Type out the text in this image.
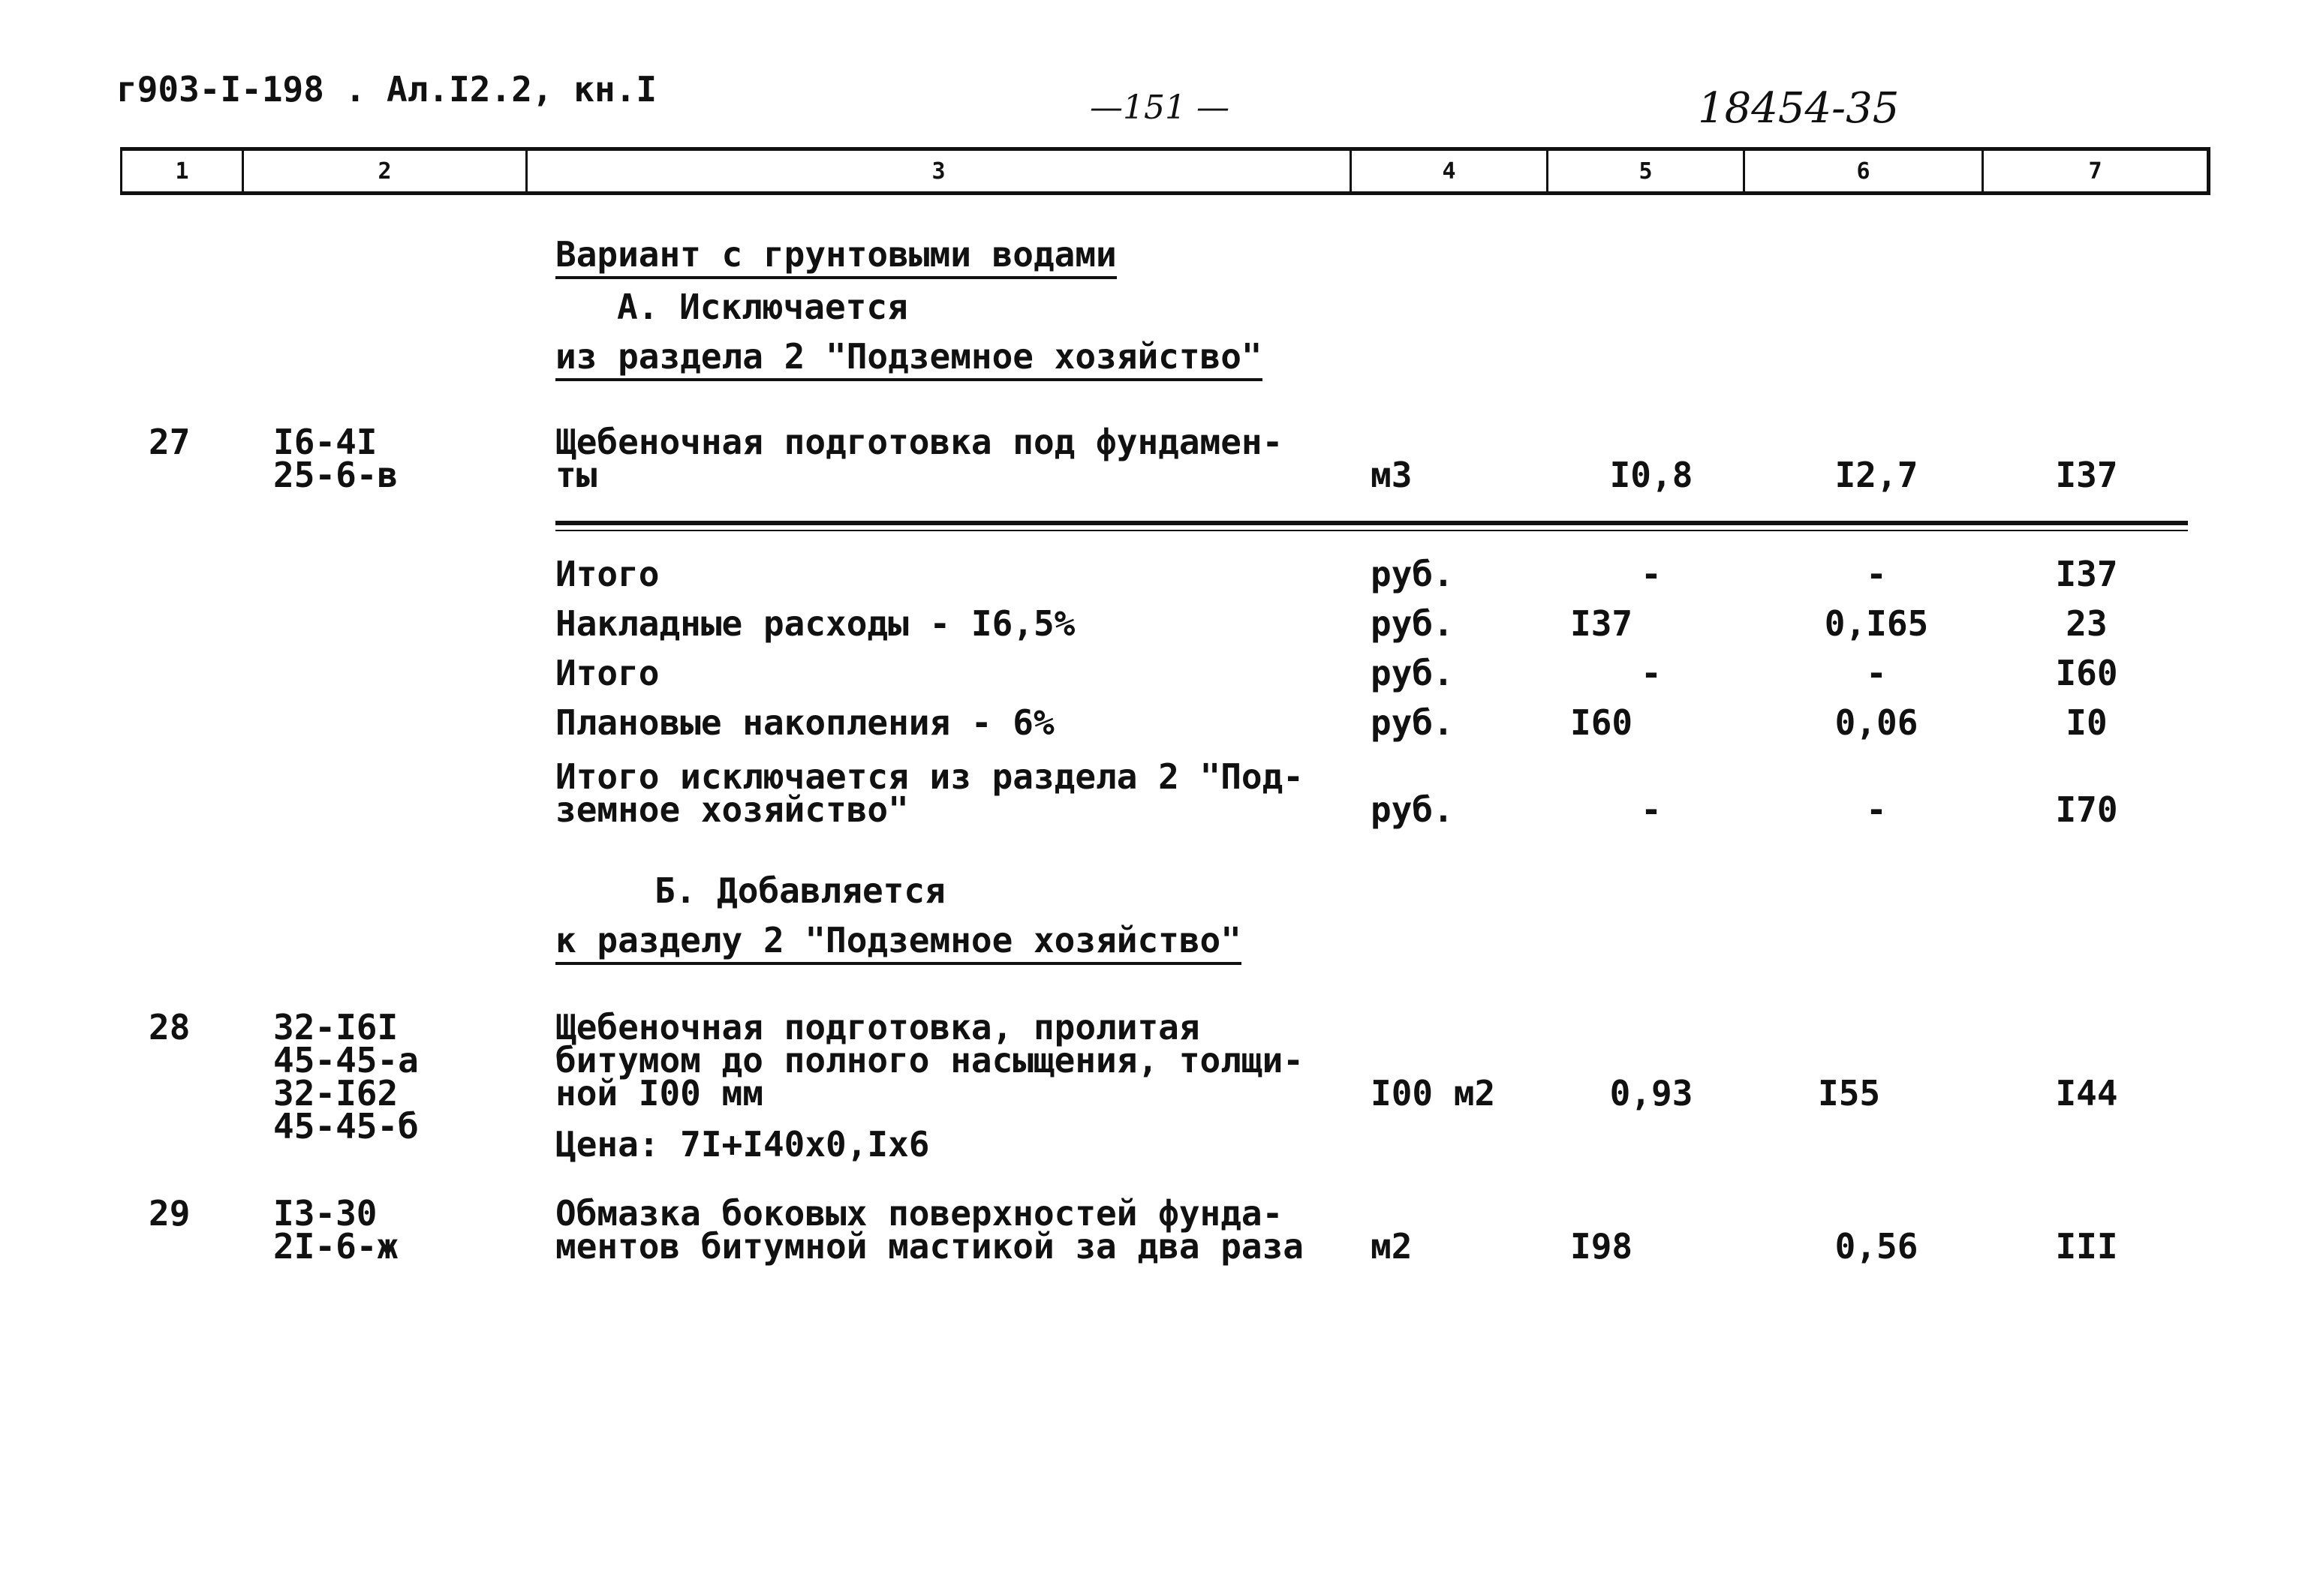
г903-I-198 . Ал.I2.2, кн.I	—151 —	18454-35
1	2	3	4	5	6	7
Вариант с грунтовыми водами
А. Исключается
из раздела 2 "Подземное хозяйство"
27 I6-4I
25-6-в
Щебеночная подготовка под фундамен-
ты	м3	I0,8	I2,7	I37
Итого	руб.	-	-	I37
Накладные расходы - I6,5%	руб.	I37	0,I65	23
Итого	руб.	-	-	I60
Плановые накопления - 6%	руб.	I60	0,06	I0
Итого исключается из раздела 2 "Под-
земное хозяйство"	руб.	-	-	I70
Б. Добавляется
к разделу 2 "Подземное хозяйство"
28 32-I6I
45-45-а
32-I62
45-45-б
Щебеночная подготовка, пролитая
битумом до полного насыщения, толщи-
ной I00 мм
Цена: 7I+I40х0,Iх6
I00 м2	0,93	I55	I44
29 I3-30
2I-6-ж
Обмазка боковых поверхностей фунда-
ментов битумной мастикой за два раза м2	I98	0,56	III
